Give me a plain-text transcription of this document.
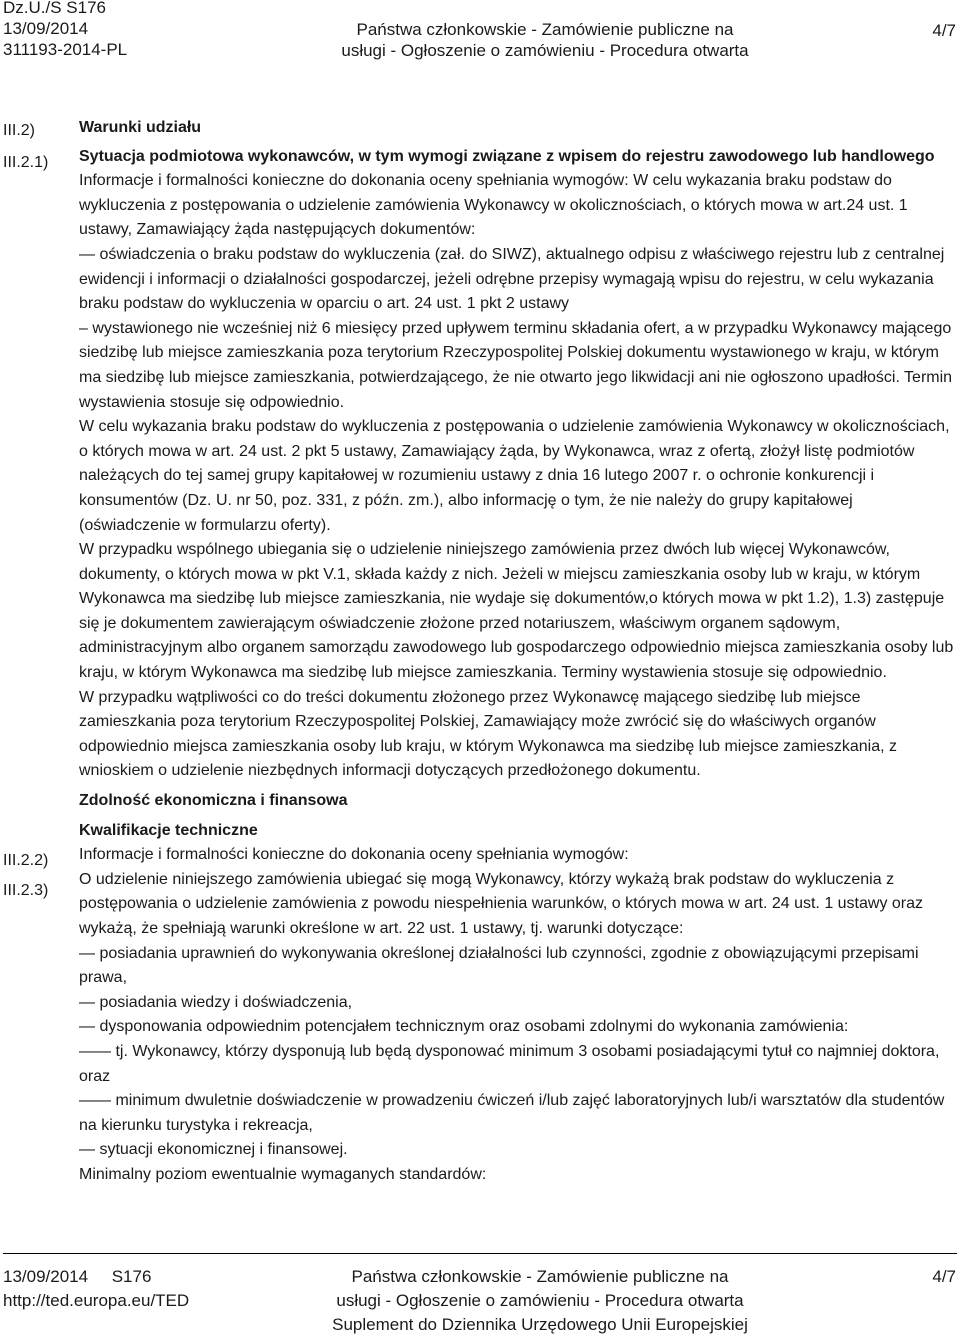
Dz.U./S S176
13/09/2014
311193-2014-PL
Państwa członkowskie - Zamówienie publiczne na
usługi - Ogłoszenie o zamówieniu - Procedura otwarta
4/7
III.2)
III.2.1)
III.2.2)
III.2.3)
Warunki udziału
Sytuacja podmiotowa wykonawców, w tym wymogi związane z wpisem do rejestru zawodowego lub handlowego
Informacje i formalności konieczne do dokonania oceny spełniania wymogów: W celu wykazania braku podstaw do wykluczenia z postępowania o udzielenie zamówienia Wykonawcy w okolicznościach, o których mowa w art.24 ust. 1 ustawy, Zamawiający żąda następujących dokumentów:
— oświadczenia o braku podstaw do wykluczenia (zał. do SIWZ), aktualnego odpisu z właściwego rejestru lub z centralnej ewidencji i informacji o działalności gospodarczej, jeżeli odrębne przepisy wymagają wpisu do rejestru, w celu wykazania braku podstaw do wykluczenia w oparciu o art. 24 ust. 1 pkt 2 ustawy
– wystawionego nie wcześniej niż 6 miesięcy przed upływem terminu składania ofert, a w przypadku Wykonawcy mającego siedzibę lub miejsce zamieszkania poza terytorium Rzeczypospolitej Polskiej dokumentu wystawionego w kraju, w którym ma siedzibę lub miejsce zamieszkania, potwierdzającego, że nie otwarto jego likwidacji ani nie ogłoszono upadłości. Termin wystawienia stosuje się odpowiednio.
W celu wykazania braku podstaw do wykluczenia z postępowania o udzielenie zamówienia Wykonawcy w okolicznościach, o których mowa w art. 24 ust. 2 pkt 5 ustawy, Zamawiający żąda, by Wykonawca, wraz z ofertą, złożył listę podmiotów należących do tej samej grupy kapitałowej w rozumieniu ustawy z dnia 16 lutego 2007 r. o ochronie konkurencji i konsumentów (Dz. U. nr 50, poz. 331, z późn. zm.), albo informację o tym, że nie należy do grupy kapitałowej (oświadczenie w formularzu oferty).
W przypadku wspólnego ubiegania się o udzielenie niniejszego zamówienia przez dwóch lub więcej Wykonawców, dokumenty, o których mowa w pkt V.1, składa każdy z nich. Jeżeli w miejscu zamieszkania osoby lub w kraju, w którym Wykonawca ma siedzibę lub miejsce zamieszkania, nie wydaje się dokumentów,o których mowa w pkt 1.2), 1.3) zastępuje się je dokumentem zawierającym oświadczenie złożone przed notariuszem, właściwym organem sądowym, administracyjnym albo organem samorządu zawodowego lub gospodarczego odpowiednio miejsca zamieszkania osoby lub kraju, w którym Wykonawca ma siedzibę lub miejsce zamieszkania. Terminy wystawienia stosuje się odpowiednio.
W przypadku wątpliwości co do treści dokumentu złożonego przez Wykonawcę mającego siedzibę lub miejsce zamieszkania poza terytorium Rzeczypospolitej Polskiej, Zamawiający może zwrócić się do właściwych organów odpowiednio miejsca zamieszkania osoby lub kraju, w którym Wykonawca ma siedzibę lub miejsce zamieszkania, z wnioskiem o udzielenie niezbędnych informacji dotyczących przedłożonego dokumentu.
Zdolność ekonomiczna i finansowa
Kwalifikacje techniczne
Informacje i formalności konieczne do dokonania oceny spełniania wymogów:
O udzielenie niniejszego zamówienia ubiegać się mogą Wykonawcy, którzy wykażą brak podstaw do wykluczenia z postępowania o udzielenie zamówienia z powodu niespełnienia warunków, o których mowa w art. 24 ust. 1 ustawy oraz wykażą, że spełniają warunki określone w art. 22 ust. 1 ustawy, tj. warunki dotyczące:
— posiadania uprawnień do wykonywania określonej działalności lub czynności, zgodnie z obowiązującymi przepisami prawa,
— posiadania wiedzy i doświadczenia,
— dysponowania odpowiednim potencjałem technicznym oraz osobami zdolnymi do wykonania zamówienia:
—— tj. Wykonawcy, którzy dysponują lub będą dysponować minimum 3 osobami posiadającymi tytuł co najmniej doktora, oraz
—— minimum dwuletnie doświadczenie w prowadzeniu ćwiczeń i/lub zajęć laboratoryjnych lub/i warsztatów dla studentów na kierunku turystyka i rekreacja,
— sytuacji ekonomicznej i finansowej.
Minimalny poziom ewentualnie wymaganych standardów:
13/09/2014     S176
http://ted.europa.eu/TED
Państwa członkowskie - Zamówienie publiczne na
usługi - Ogłoszenie o zamówieniu - Procedura otwarta
Suplement do Dziennika Urzędowego Unii Europejskiej
4/7
